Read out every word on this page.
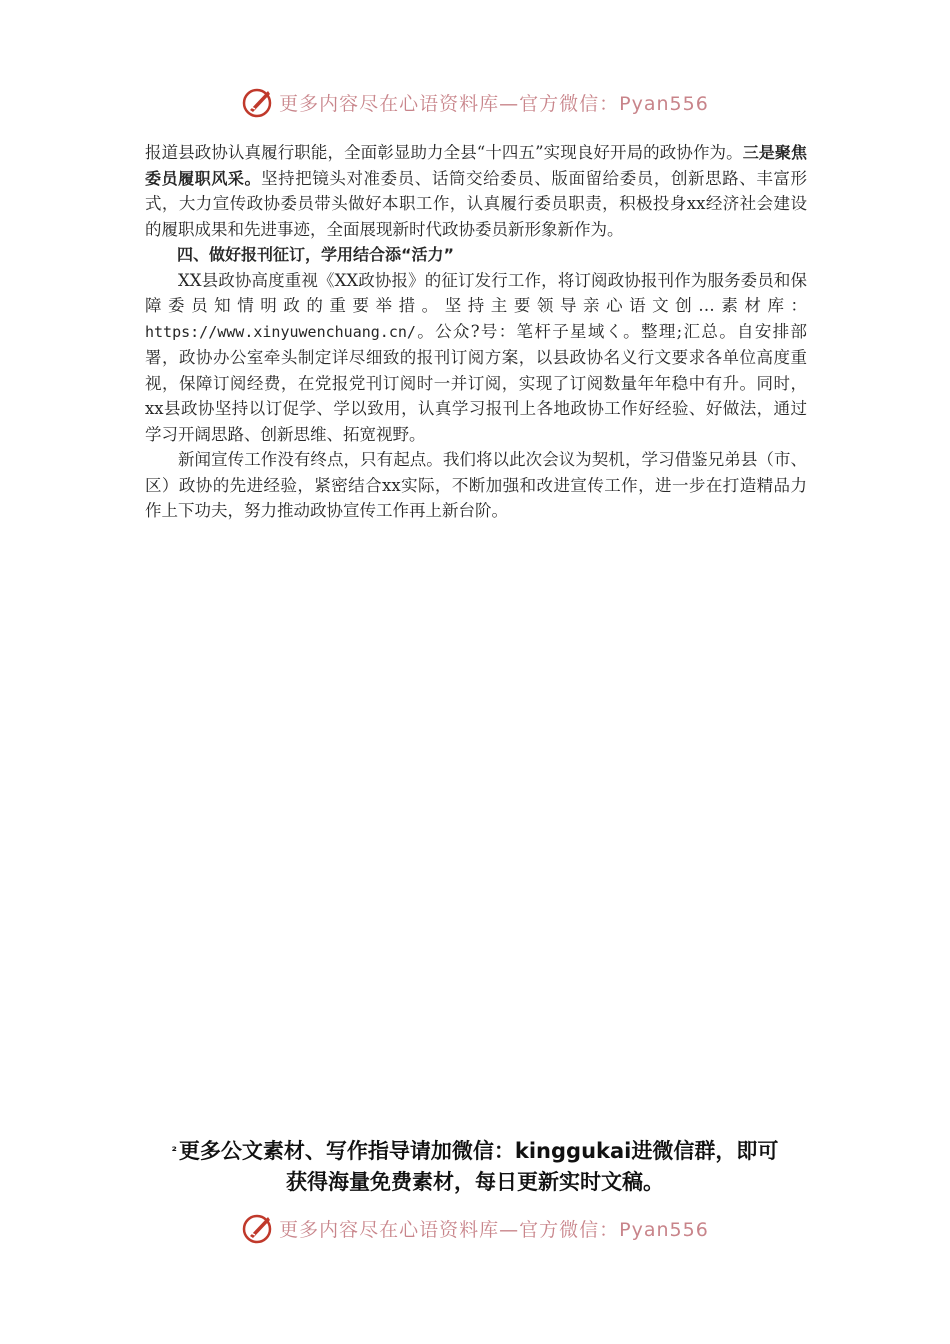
更多内容尽在心语资料库—官方微信：Pyan556

报道县政协认真履行职能，全面彰显助力全县“十四五”实现良好开局的政协作为。三是聚焦委员履职风采。坚持把镜头对准委员、话筒交给委员、版面留给委员，创新思路、丰富形式，大力宣传政协委员带头做好本职工作，认真履行委员职责，积极投身xx经济社会建设的履职成果和先进事迹，全面展现新时代政协委员新形象新作为。

四、做好报刊征订，学用结合添“活力”

XX县政协高度重视《XX政协报》的征订发行工作，将订阅政协报刊作为服务委员和保障委员知情明政的重要举措。坚持主要领导亲心语文创…素材库：https://www.xinyuwenchuang.cn/。公众?号：笔杆子星域く。整理;汇总。自安排部署，政协办公室牵头制定详尽细致的报刊订阅方案，以县政协名义行文要求各单位高度重视，保障订阅经费，在党报党刊订阅时一并订阅，实现了订阅数量年年稳中有升。同时，xx县政协坚持以订促学、学以致用，认真学习报刊上各地政协工作好经验、好做法，通过学习开阔思路、创新思维、拓宽视野。

新闻宣传工作没有终点，只有起点。我们将以此次会议为契机，学习借鉴兄弟县（市、区）政协的先进经验，紧密结合xx实际，不断加强和改进宣传工作，进一步在打造精品力作上下功夫，努力推动政协宣传工作再上新台阶。

$^{^2}$更多公文素材、写作指导请加微信：kinggukai进微信群，即可
获得海量免费素材，每日更新实时文稿。
更多内容尽在心语资料库—官方微信：Pyan556
